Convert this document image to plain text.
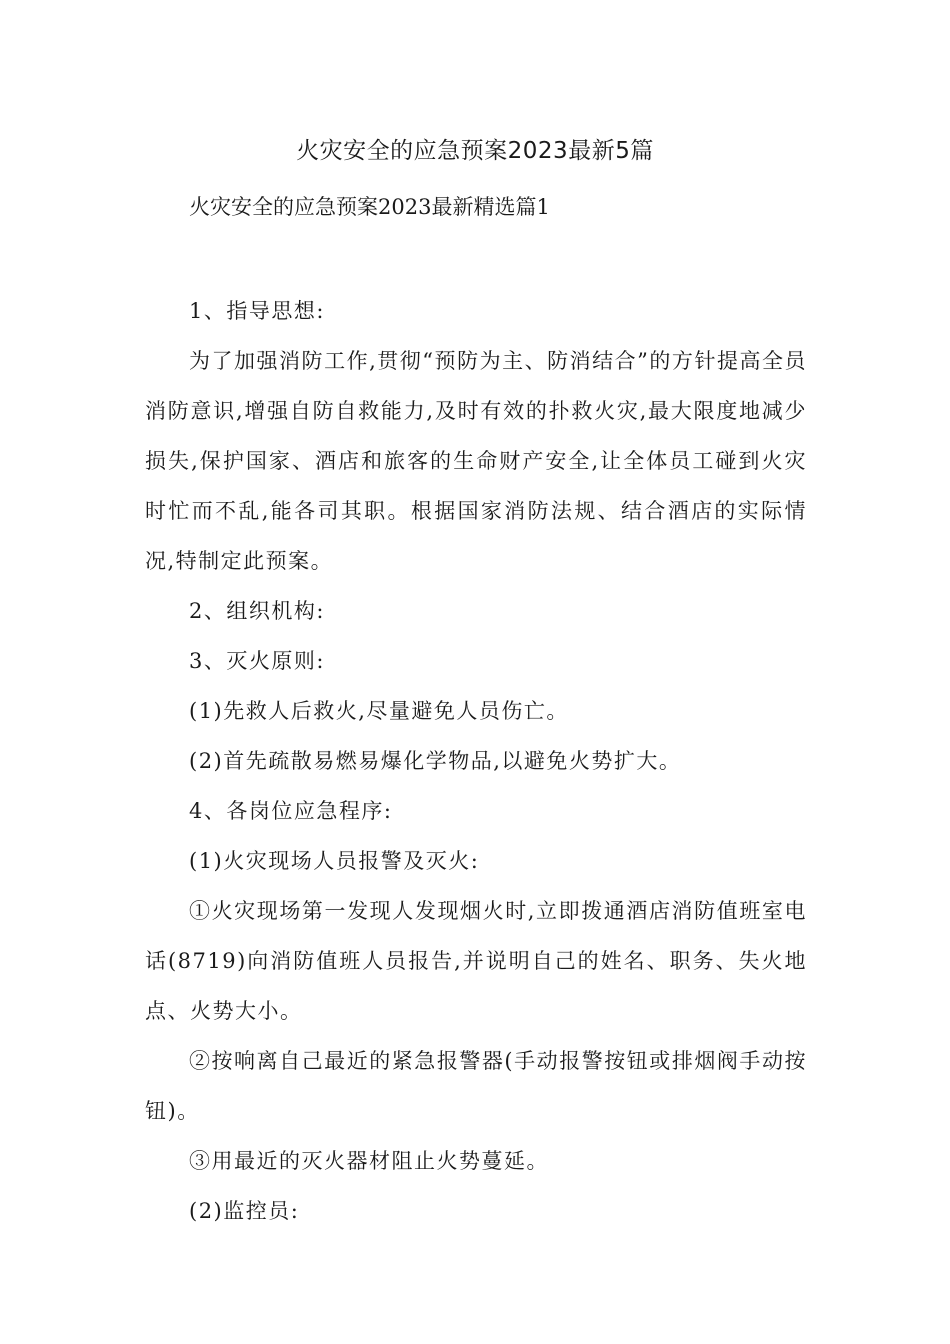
火灾安全的应急预案2023最新5篇

火灾安全的应急预案2023最新精选篇1

1、指导思想:

为了加强消防工作,贯彻“预防为主、防消结合”的方针提高全员消防意识,增强自防自救能力,及时有效的扑救火灾,最大限度地减少损失,保护国家、酒店和旅客的生命财产安全,让全体员工碰到火灾时忙而不乱,能各司其职。根据国家消防法规、结合酒店的实际情况,特制定此预案。

2、组织机构:

3、灭火原则:

(1)先救人后救火,尽量避免人员伤亡。

(2)首先疏散易燃易爆化学物品,以避免火势扩大。

4、各岗位应急程序:

(1)火灾现场人员报警及灭火:

①火灾现场第一发现人发现烟火时,立即拨通酒店消防值班室电话(8719)向消防值班人员报告,并说明自己的姓名、职务、失火地点、火势大小。

②按响离自己最近的紧急报警器(手动报警按钮或排烟阀手动按钮)。

③用最近的灭火器材阻止火势蔓延。

(2)监控员:
